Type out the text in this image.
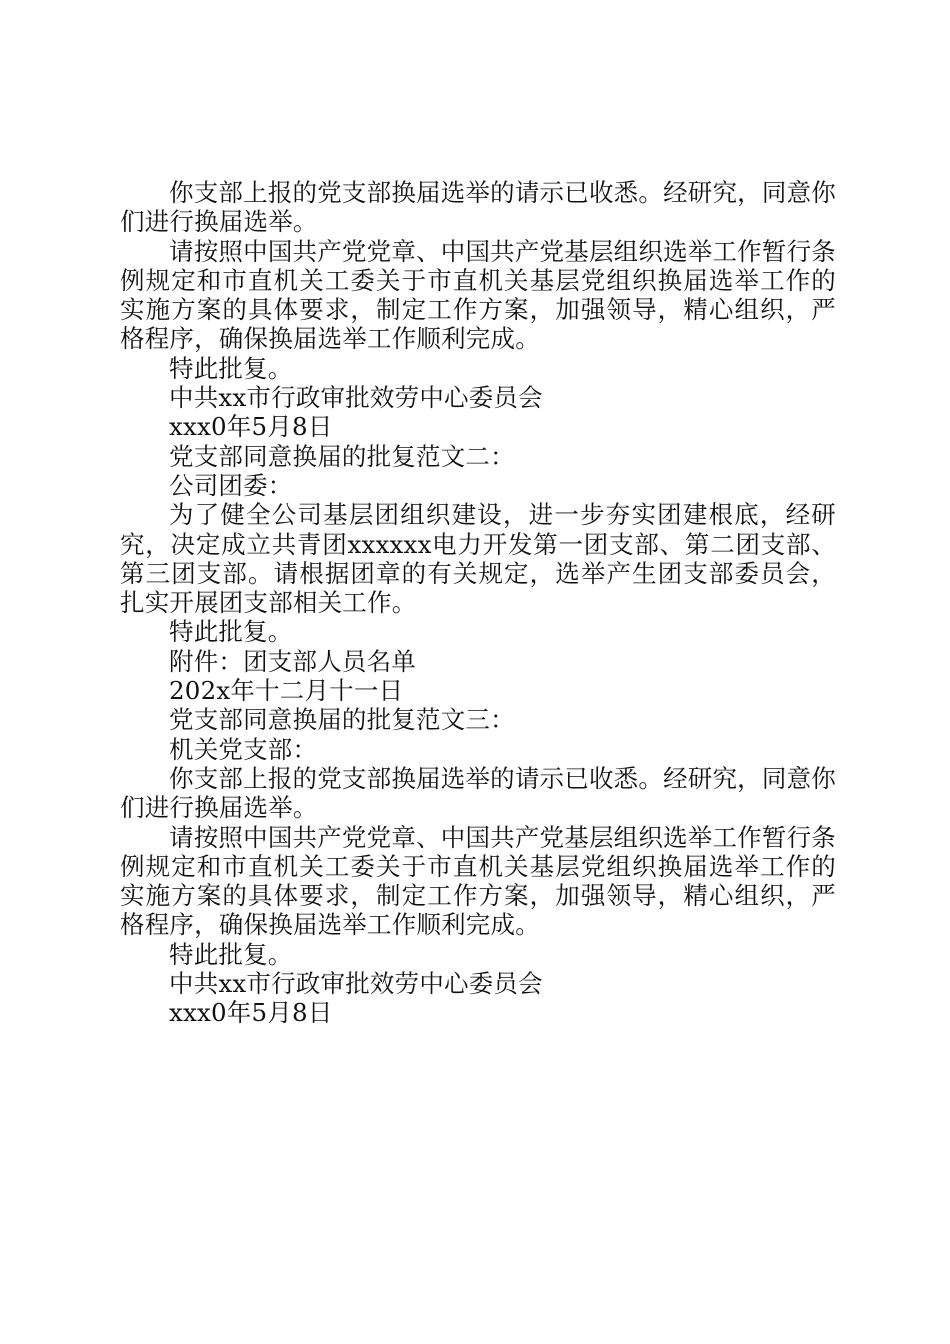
你支部上报的党支部换届选举的请示已收悉。经研究，同意你们进行换届选举。

请按照中国共产党党章、中国共产党基层组织选举工作暂行条例规定和市直机关工委关于市直机关基层党组织换届选举工作的实施方案的具体要求，制定工作方案，加强领导，精心组织，严格程序，确保换届选举工作顺利完成。

特此批复。

中共xx市行政审批效劳中心委员会

xxx0年5月8日

党支部同意换届的批复范文二：

公司团委：

为了健全公司基层团组织建设，进一步夯实团建根底，经研究，决定成立共青团xxxxxx电力开发第一团支部、第二团支部、第三团支部。请根据团章的有关规定，选举产生团支部委员会，扎实开展团支部相关工作。

特此批复。

附件：团支部人员名单

202x年十二月十一日

党支部同意换届的批复范文三：

机关党支部：

你支部上报的党支部换届选举的请示已收悉。经研究，同意你们进行换届选举。

请按照中国共产党党章、中国共产党基层组织选举工作暂行条例规定和市直机关工委关于市直机关基层党组织换届选举工作的实施方案的具体要求，制定工作方案，加强领导，精心组织，严格程序，确保换届选举工作顺利完成。

特此批复。

中共xx市行政审批效劳中心委员会

xxx0年5月8日
